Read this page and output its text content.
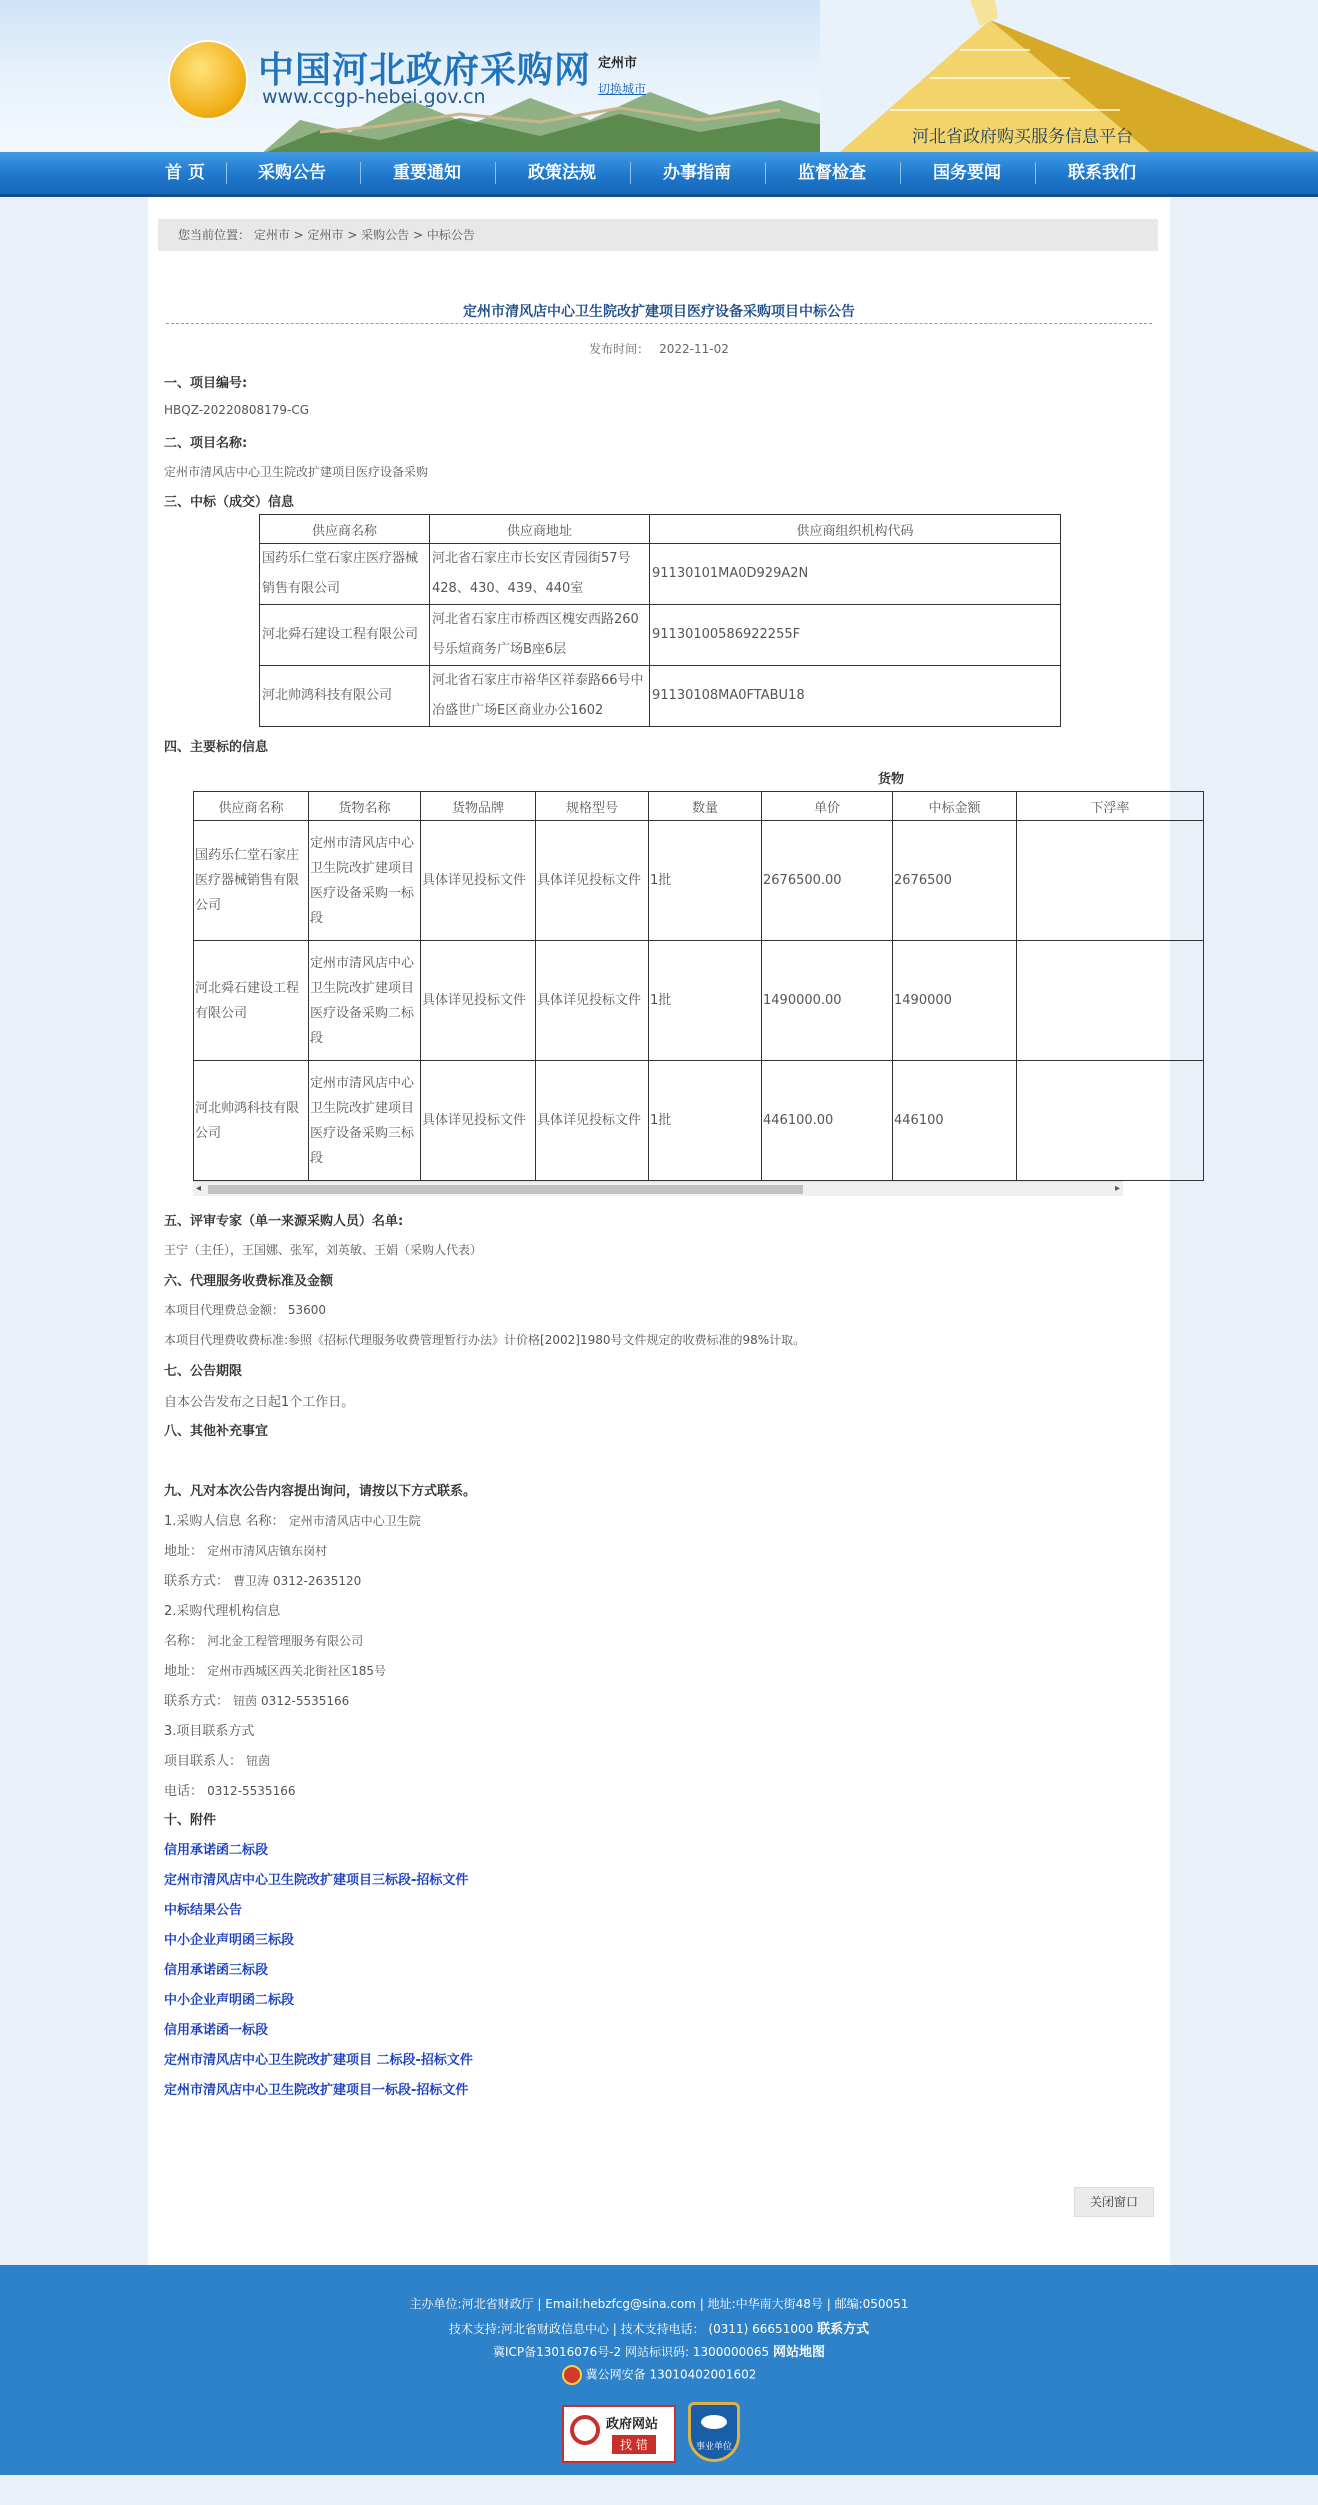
中国河北政府采购网
www.ccgp-hebei.gov.cn
定州市
切换城市
河北省政府购买服务信息平台
首 页	采购公告	重要通知	政策法规	办事指南	监督检查	国务要闻	联系我们
您当前位置： 定州市 > 定州市 > 采购公告 > 中标公告
定州市清风店中心卫生院改扩建项目医疗设备采购项目中标公告
发布时间： 2022-11-02
一、项目编号:
HBQZ-20220808179-CG
二、项目名称:
定州市清风店中心卫生院改扩建项目医疗设备采购
三、中标（成交）信息
供应商名称	供应商地址	供应商组织机构代码
国药乐仁堂石家庄医疗器械销售有限公司	河北省石家庄市长安区青园街57号428、430、439、440室	91130101MA0D929A2N
河北舜石建设工程有限公司	河北省石家庄市桥西区槐安西路260号乐煊商务广场B座6层	91130100586922255F
河北帅鸿科技有限公司	河北省石家庄市裕华区祥泰路66号中冶盛世广场E区商业办公1602	91130108MA0FTABU18
四、主要标的信息
货物
供应商名称	货物名称	货物品牌	规格型号	数量	单价	中标金额	下浮率
国药乐仁堂石家庄医疗器械销售有限公司	定州市清风店中心卫生院改扩建项目医疗设备采购一标段	具体详见投标文件	具体详见投标文件	1批	2676500.00	2676500	
河北舜石建设工程有限公司	定州市清风店中心卫生院改扩建项目医疗设备采购二标段	具体详见投标文件	具体详见投标文件	1批	1490000.00	1490000	
河北帅鸿科技有限公司	定州市清风店中心卫生院改扩建项目医疗设备采购三标段	具体详见投标文件	具体详见投标文件	1批	446100.00	446100	
◂	▸
五、评审专家（单一来源采购人员）名单:
王宁（主任），王国娜、张军，刘英敏、王娟（采购人代表）
六、代理服务收费标准及金额
本项目代理费总金额： 53600
本项目代理费收费标准:参照《招标代理服务收费管理暂行办法》计价格[2002]1980号文件规定的收费标准的98%计取。
七、公告期限
自本公告发布之日起1个工作日。
八、其他补充事宜
九、凡对本次公告内容提出询问，请按以下方式联系。
1.采购人信息 名称： 定州市清风店中心卫生院
地址： 定州市清风店镇东岗村
联系方式： 曹卫涛 0312-2635120
2.采购代理机构信息
名称： 河北金工程管理服务有限公司
地址： 定州市西城区西关北街社区185号
联系方式： 钮茵 0312-5535166
3.项目联系方式
项目联系人： 钮茵
电话： 0312-5535166
十、附件
信用承诺函二标段
定州市清风店中心卫生院改扩建项目三标段-招标文件
中标结果公告
中小企业声明函三标段
信用承诺函三标段
中小企业声明函二标段
信用承诺函一标段
定州市清风店中心卫生院改扩建项目 二标段-招标文件
定州市清风店中心卫生院改扩建项目一标段-招标文件
关闭窗口
主办单位:河北省财政厅 | Email:hebzfcg@sina.com | 地址:中华南大街48号 | 邮编:050051
技术支持:河北省财政信息中心 | 技术支持电话： (0311) 66651000 联系方式
冀ICP备13016076号-2 网站标识码: 1300000065 网站地图
冀公网安备 13010402001602
政府网站
找 错	事业单位
